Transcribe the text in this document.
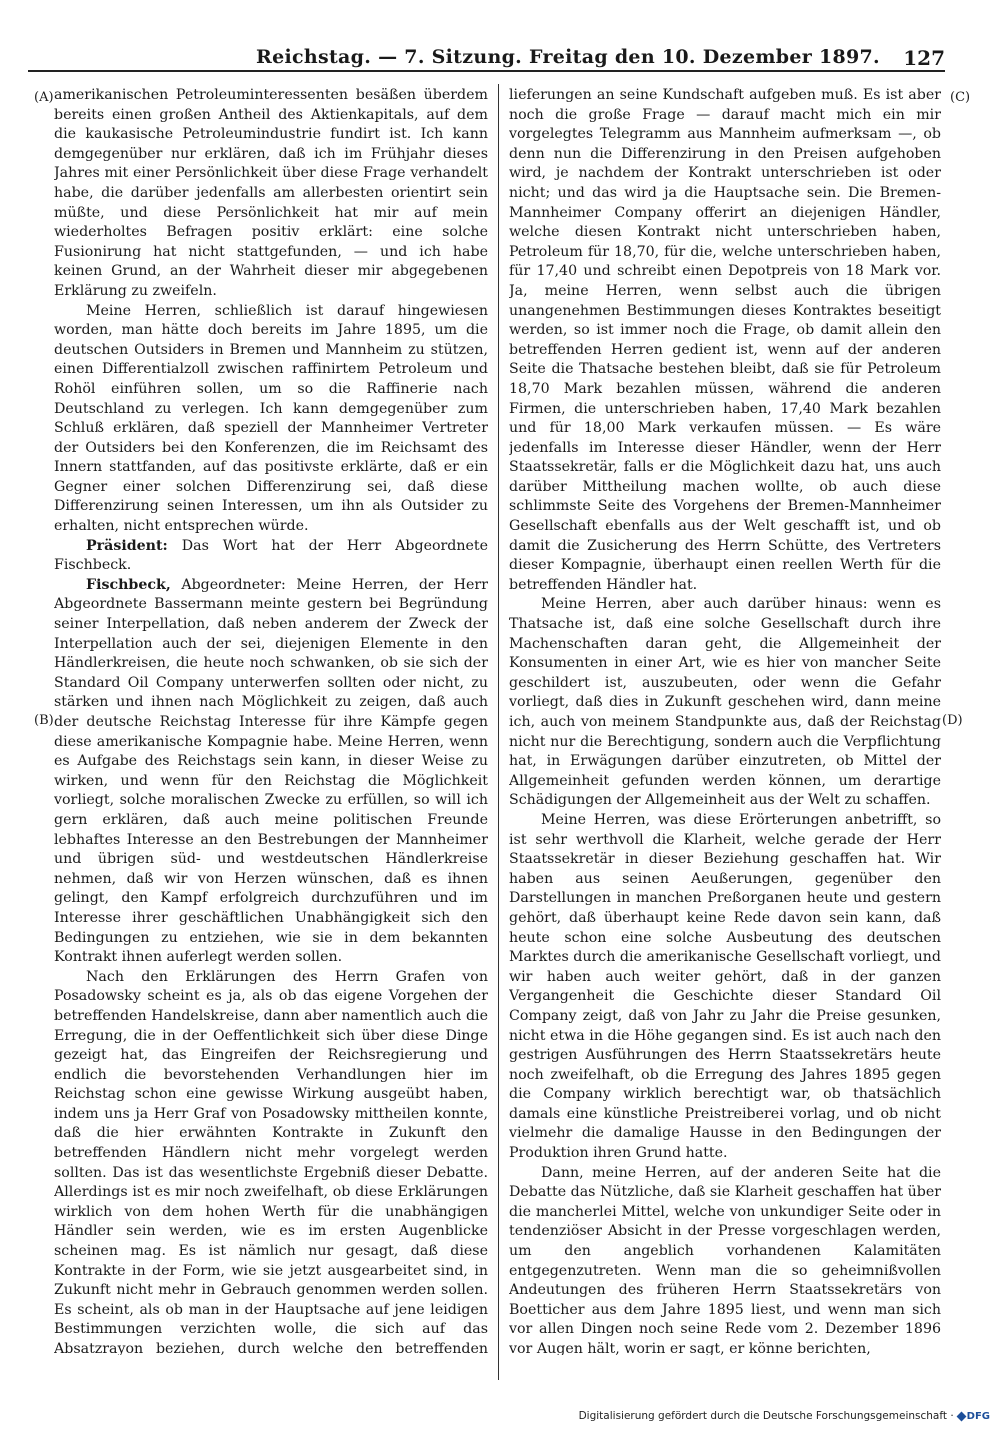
Reichstag. — 7. Sitzung. Freitag den 10. Dezember 1897. 127
(A)
(B)
(C)
(D)

amerikanischen Petroleuminteressenten besäßen überdem bereits einen großen Antheil des Aktienkapitals, auf dem die kaukasische Petroleumindustrie fundirt ist. Ich kann demgegenüber nur erklären, daß ich im Frühjahr dieses Jahres mit einer Persönlichkeit über diese Frage verhandelt habe, die darüber jedenfalls am allerbesten orientirt sein müßte, und diese Persönlichkeit hat mir auf mein wiederholtes Befragen positiv erklärt: eine solche Fusionirung hat nicht stattgefunden, — und ich habe keinen Grund, an der Wahrheit dieser mir abgegebenen Erklärung zu zweifeln.

Meine Herren, schließlich ist darauf hingewiesen worden, man hätte doch bereits im Jahre 1895, um die deutschen Outsiders in Bremen und Mannheim zu stützen, einen Differentialzoll zwischen raffinirtem Petroleum und Rohöl einführen sollen, um so die Raffinerie nach Deutschland zu verlegen. Ich kann demgegenüber zum Schluß erklären, daß speziell der Mannheimer Vertreter der Outsiders bei den Konferenzen, die im Reichsamt des Innern stattfanden, auf das positivste erklärte, daß er ein Gegner einer solchen Differenzirung sei, daß diese Differenzirung seinen Interessen, um ihn als Outsider zu erhalten, nicht entsprechen würde.

Präsident: Das Wort hat der Herr Abgeordnete Fischbeck.

Fischbeck, Abgeordneter: Meine Herren, der Herr Abgeordnete Bassermann meinte gestern bei Begründung seiner Interpellation, daß neben anderem der Zweck der Interpellation auch der sei, diejenigen Elemente in den Händlerkreisen, die heute noch schwanken, ob sie sich der Standard Oil Company unterwerfen sollten oder nicht, zu stärken und ihnen nach Möglichkeit zu zeigen, daß auch der deutsche Reichstag Interesse für ihre Kämpfe gegen diese amerikanische Kompagnie habe. Meine Herren, wenn es Aufgabe des Reichstags sein kann, in dieser Weise zu wirken, und wenn für den Reichstag die Möglichkeit vorliegt, solche moralischen Zwecke zu erfüllen, so will ich gern erklären, daß auch meine politischen Freunde lebhaftes Interesse an den Bestrebungen der Mannheimer und übrigen süd- und westdeutschen Händlerkreise nehmen, daß wir von Herzen wünschen, daß es ihnen gelingt, den Kampf erfolgreich durchzuführen und im Interesse ihrer geschäftlichen Unabhängigkeit sich den Bedingungen zu entziehen, wie sie in dem bekannten Kontrakt ihnen auferlegt werden sollen.

Nach den Erklärungen des Herrn Grafen von Posadowsky scheint es ja, als ob das eigene Vorgehen der betreffenden Handelskreise, dann aber namentlich auch die Erregung, die in der Oeffentlichkeit sich über diese Dinge gezeigt hat, das Eingreifen der Reichsregierung und endlich die bevorstehenden Verhandlungen hier im Reichstag schon eine gewisse Wirkung ausgeübt haben, indem uns ja Herr Graf von Posadowsky mittheilen konnte, daß die hier erwähnten Kontrakte in Zukunft den betreffenden Händlern nicht mehr vorgelegt werden sollten. Das ist das wesentlichste Ergebniß dieser Debatte. Allerdings ist es mir noch zweifelhaft, ob diese Erklärungen wirklich von dem hohen Werth für die unabhängigen Händler sein werden, wie es im ersten Augenblicke scheinen mag. Es ist nämlich nur gesagt, daß diese Kontrakte in der Form, wie sie jetzt ausgearbeitet sind, in Zukunft nicht mehr in Gebrauch genommen werden sollen. Es scheint, als ob man in der Hauptsache auf jene leidigen Bestimmungen verzichten wolle, die sich auf das Absatzrayon beziehen, durch welche den betreffenden

lieferungen an seine Kundschaft aufgeben muß. Es ist aber noch die große Frage — darauf macht mich ein mir vorgelegtes Telegramm aus Mannheim aufmerksam —, ob denn nun die Differenzirung in den Preisen aufgehoben wird, je nachdem der Kontrakt unterschrieben ist oder nicht; und das wird ja die Hauptsache sein. Die Bremen-Mannheimer Company offerirt an diejenigen Händler, welche diesen Kontrakt nicht unterschrieben haben, Petroleum für 18,70, für die, welche unterschrieben haben, für 17,40 und schreibt einen Depotpreis von 18 Mark vor. Ja, meine Herren, wenn selbst auch die übrigen unangenehmen Bestimmungen dieses Kontraktes beseitigt werden, so ist immer noch die Frage, ob damit allein den betreffenden Herren gedient ist, wenn auf der anderen Seite die Thatsache bestehen bleibt, daß sie für Petroleum 18,70 Mark bezahlen müssen, während die anderen Firmen, die unterschrieben haben, 17,40 Mark bezahlen und für 18,00 Mark verkaufen müssen. — Es wäre jedenfalls im Interesse dieser Händler, wenn der Herr Staatssekretär, falls er die Möglichkeit dazu hat, uns auch darüber Mittheilung machen wollte, ob auch diese schlimmste Seite des Vorgehens der Bremen-Mannheimer Gesellschaft ebenfalls aus der Welt geschafft ist, und ob damit die Zusicherung des Herrn Schütte, des Vertreters dieser Kompagnie, überhaupt einen reellen Werth für die betreffenden Händler hat.

Meine Herren, aber auch darüber hinaus: wenn es Thatsache ist, daß eine solche Gesellschaft durch ihre Machenschaften daran geht, die Allgemeinheit der Konsumenten in einer Art, wie es hier von mancher Seite geschildert ist, auszubeuten, oder wenn die Gefahr vorliegt, daß dies in Zukunft geschehen wird, dann meine ich, auch von meinem Standpunkte aus, daß der Reichstag nicht nur die Berechtigung, sondern auch die Verpflichtung hat, in Erwägungen darüber einzutreten, ob Mittel der Allgemeinheit gefunden werden können, um derartige Schädigungen der Allgemeinheit aus der Welt zu schaffen.

Meine Herren, was diese Erörterungen anbetrifft, so ist sehr werthvoll die Klarheit, welche gerade der Herr Staatssekretär in dieser Beziehung geschaffen hat. Wir haben aus seinen Aeußerungen, gegenüber den Darstellungen in manchen Preßorganen heute und gestern gehört, daß überhaupt keine Rede davon sein kann, daß heute schon eine solche Ausbeutung des deutschen Marktes durch die amerikanische Gesellschaft vorliegt, und wir haben auch weiter gehört, daß in der ganzen Vergangenheit die Geschichte dieser Standard Oil Company zeigt, daß von Jahr zu Jahr die Preise gesunken, nicht etwa in die Höhe gegangen sind. Es ist auch nach den gestrigen Ausführungen des Herrn Staatssekretärs heute noch zweifelhaft, ob die Erregung des Jahres 1895 gegen die Company wirklich berechtigt war, ob thatsächlich damals eine künstliche Preistreiberei vorlag, und ob nicht vielmehr die damalige Hausse in den Bedingungen der Produktion ihren Grund hatte.

Dann, meine Herren, auf der anderen Seite hat die Debatte das Nützliche, daß sie Klarheit geschaffen hat über die mancherlei Mittel, welche von unkundiger Seite oder in tendenziöser Absicht in der Presse vorgeschlagen werden, um den angeblich vorhandenen Kalamitäten entgegenzutreten. Wenn man die so geheimnißvollen Andeutungen des früheren Herrn Staatssekretärs von Boetticher aus dem Jahre 1895 liest, und wenn man sich vor allen Dingen noch seine Rede vom 2. Dezember 1896 vor Augen hält, worin er sagt, er könne berichten,

Digitalisierung gefördert durch die Deutsche Forschungsgemeinschaft · DFG
